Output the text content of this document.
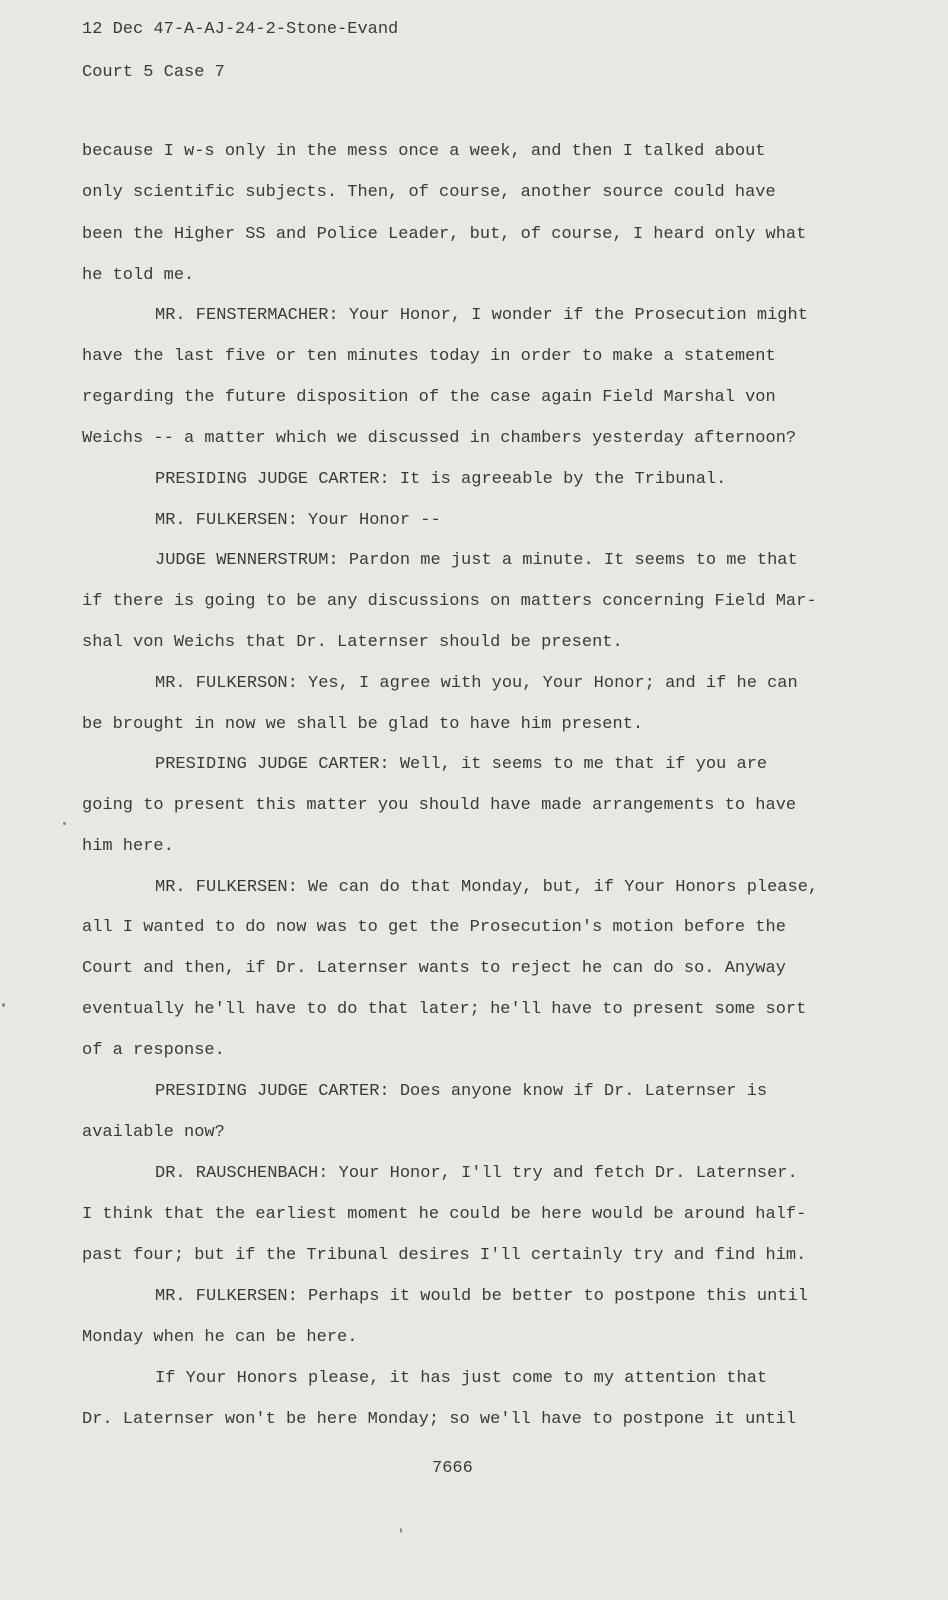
12 Dec 47-A-AJ-24-2-Stone-Evand
Court 5 Case 7
because I w-s only in the mess once a week, and then I talked about
only scientific subjects. Then, of course, another source could have
been the Higher SS and Police Leader, but, of course, I heard only what
he told me.
MR. FENSTERMACHER: Your Honor, I wonder if the Prosecution might
have the last five or ten minutes today in order to make a statement
regarding the future disposition of the case again Field Marshal von
Weichs -- a matter which we discussed in chambers yesterday afternoon?
PRESIDING JUDGE CARTER: It is agreeable by the Tribunal.
MR. FULKERSEN: Your Honor --
JUDGE WENNERSTRUM: Pardon me just a minute. It seems to me that
if there is going to be any discussions on matters concerning Field Mar-
shal von Weichs that Dr. Laternser should be present.
MR. FULKERSON: Yes, I agree with you, Your Honor; and if he can
be brought in now we shall be glad to have him present.
PRESIDING JUDGE CARTER: Well, it seems to me that if you are
going to present this matter you should have made arrangements to have
him here.
MR. FULKERSEN: We can do that Monday, but, if Your Honors please,
all I wanted to do now was to get the Prosecution's motion before the
Court and then, if Dr. Laternser wants to reject he can do so. Anyway
eventually he'll have to do that later; he'll have to present some sort
of a response.
PRESIDING JUDGE CARTER: Does anyone know if Dr. Laternser is
available now?
DR. RAUSCHENBACH: Your Honor, I'll try and fetch Dr. Laternser.
I think that the earliest moment he could be here would be around half-
past four; but if the Tribunal desires I'll certainly try and find him.
MR. FULKERSEN: Perhaps it would be better to postpone this until
Monday when he can be here.
If Your Honors please, it has just come to my attention that
Dr. Laternser won't be here Monday; so we'll have to postpone it until
7666
